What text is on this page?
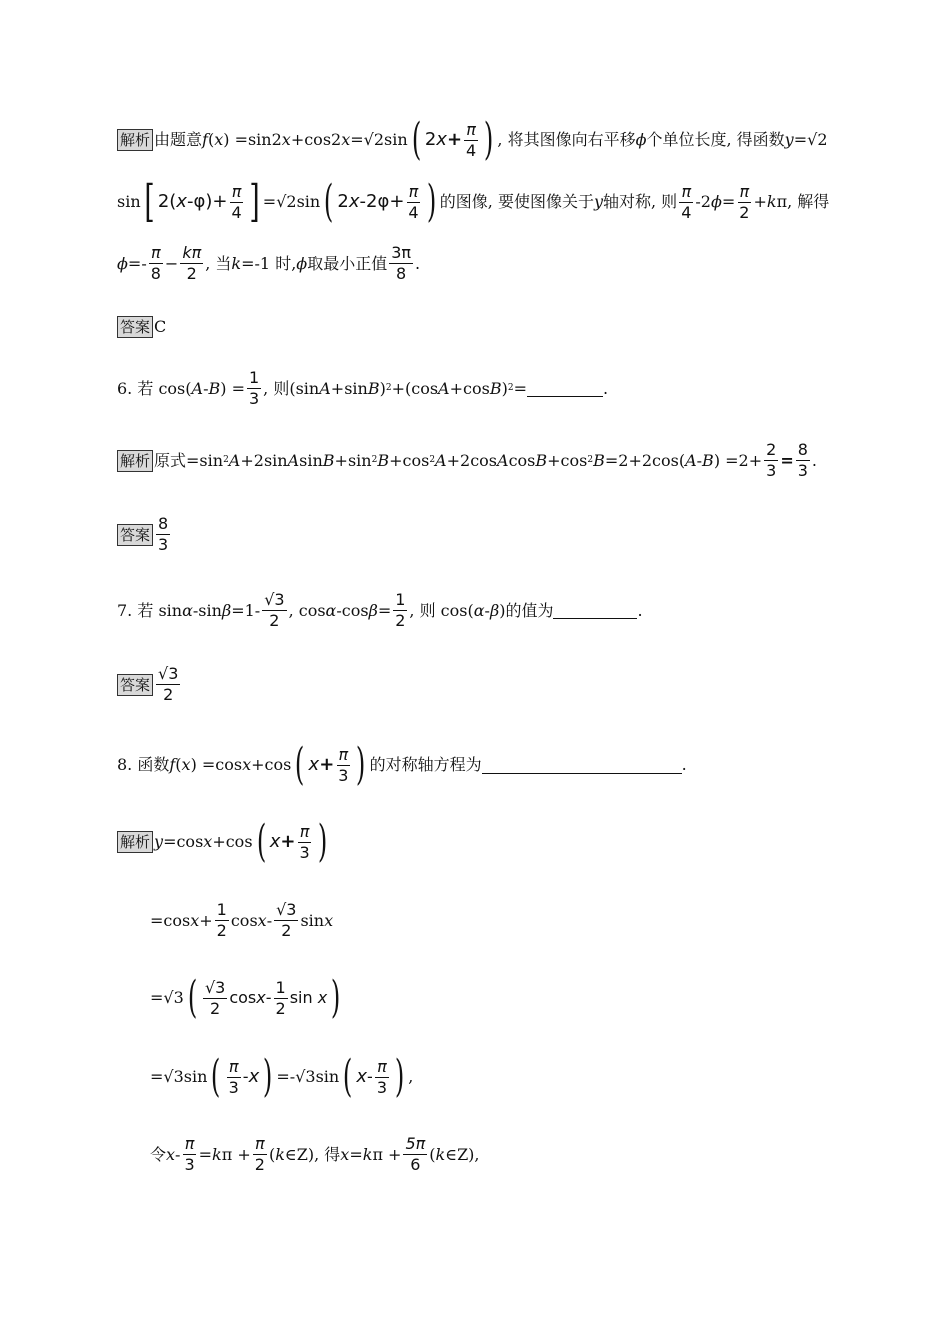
解析 由题意 f ( x ) =sin2 x +cos2 x =√2sin ( 2 $x + \frac{\pi}{4}$ ) , 将其图像向右平移 ϕ 个单位长度, 得函数 y =√2
sin [ 2( x $-\varphi)+ \frac{\pi}{4}$ ] =√2sin ( 2 x $-2\varphi+ \frac{\pi}{4}$ ) 的图像, 要使图像关于 y 轴对称, 则 $\frac{\pi}{4} -2$ $\phi = \frac{\pi}{2} + k$ π, 解得
$\phi =- \frac{\pi}{8} - \frac{k\pi}{2}$ , 当 k =-1 时, ϕ 取最小正值 $\frac{3\pi}{8}$ .
答案 C
6. 若 cos( A - B ) = $\frac{1}{3}$ , 则(sin A +sin B ) 2 +(cos A +cos B ) 2 =	.
解析 原式=sin 2 A +2sin A sin B +sin 2 B +cos 2 A +2cos A cos B +cos 2 B =2+2cos( A - B ) $=2+ \frac{2}{3} = \frac{8}{3}$ .
答案 $\frac{8}{3}$
7. 若 sin α -sin $\beta =1- \frac{√3}{2}$ , cos α -cos $\beta = \frac{1}{2}$ , 则 cos( α - β )的值为	.
答案 $\frac{√3}{2}$
8. 函数 f ( x ) =cos x +cos ( $x + \frac{\pi}{3}$ ) 的对称轴方程为	.
解析 y =cos x +cos ( $x + \frac{\pi}{3}$ )
=cos $x + \frac{1}{2}$ cos x - $\frac{√3}{2}$ sin x
=√3 ( $\frac{√3}{2}$ cos x - $\frac{1}{2}$ sin
x )
=√3sin ( $\frac{\pi}{3}$ - x ) =-√3sin ( x - $\frac{\pi}{3}$ ) ,
令 $x - \frac{\pi}{3} = k$ $\pi + \frac{\pi}{2}$ ( k ∈Z), 得 x = k $\pi + \frac{5\pi}{6}$ ( k ∈Z),
